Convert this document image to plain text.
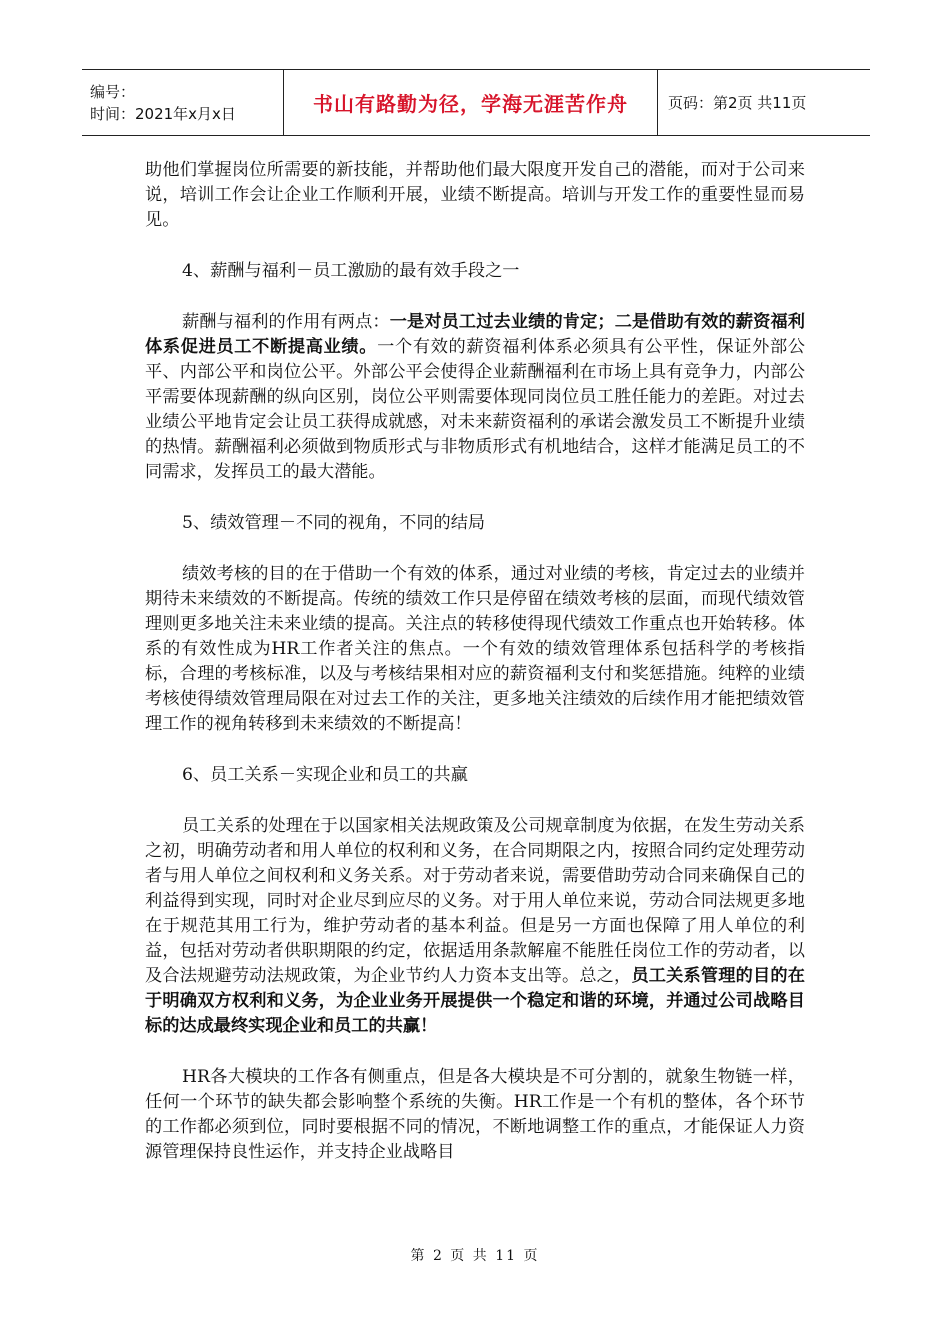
编号：
时间：2021年x月x日	书山有路勤为径，学海无涯苦作舟	页码：第2页 共11页

助他们掌握岗位所需要的新技能，并帮助他们最大限度开发自己的潜能，而对于公司来说，培训工作会让企业工作顺利开展，业绩不断提高。培训与开发工作的重要性显而易见。

4、薪酬与福利－员工激励的最有效手段之一

薪酬与福利的作用有两点：一是对员工过去业绩的肯定；二是借助有效的薪资福利体系促进员工不断提高业绩。一个有效的薪资福利体系必须具有公平性，保证外部公平、内部公平和岗位公平。外部公平会使得企业薪酬福利在市场上具有竞争力，内部公平需要体现薪酬的纵向区别，岗位公平则需要体现同岗位员工胜任能力的差距。对过去业绩公平地肯定会让员工获得成就感，对未来薪资福利的承诺会激发员工不断提升业绩的热情。薪酬福利必须做到物质形式与非物质形式有机地结合，这样才能满足员工的不同需求，发挥员工的最大潜能。

5、绩效管理－不同的视角，不同的结局

绩效考核的目的在于借助一个有效的体系，通过对业绩的考核，肯定过去的业绩并期待未来绩效的不断提高。传统的绩效工作只是停留在绩效考核的层面，而现代绩效管理则更多地关注未来业绩的提高。关注点的转移使得现代绩效工作重点也开始转移。体系的有效性成为HR工作者关注的焦点。一个有效的绩效管理体系包括科学的考核指标，合理的考核标准，以及与考核结果相对应的薪资福利支付和奖惩措施。纯粹的业绩考核使得绩效管理局限在对过去工作的关注，更多地关注绩效的后续作用才能把绩效管理工作的视角转移到未来绩效的不断提高！

6、员工关系－实现企业和员工的共赢

员工关系的处理在于以国家相关法规政策及公司规章制度为依据，在发生劳动关系之初，明确劳动者和用人单位的权利和义务，在合同期限之内，按照合同约定处理劳动者与用人单位之间权利和义务关系。对于劳动者来说，需要借助劳动合同来确保自己的利益得到实现，同时对企业尽到应尽的义务。对于用人单位来说，劳动合同法规更多地在于规范其用工行为，维护劳动者的基本利益。但是另一方面也保障了用人单位的利益，包括对劳动者供职期限的约定，依据适用条款解雇不能胜任岗位工作的劳动者，以及合法规避劳动法规政策，为企业节约人力资本支出等。总之，员工关系管理的目的在于明确双方权利和义务，为企业业务开展提供一个稳定和谐的环境，并通过公司战略目标的达成最终实现企业和员工的共赢！

HR各大模块的工作各有侧重点，但是各大模块是不可分割的，就象生物链一样，任何一个环节的缺失都会影响整个系统的失衡。HR工作是一个有机的整体，各个环节的工作都必须到位，同时要根据不同的情况，不断地调整工作的重点，才能保证人力资源管理保持良性运作，并支持企业战略目

第 2 页 共 11 页
